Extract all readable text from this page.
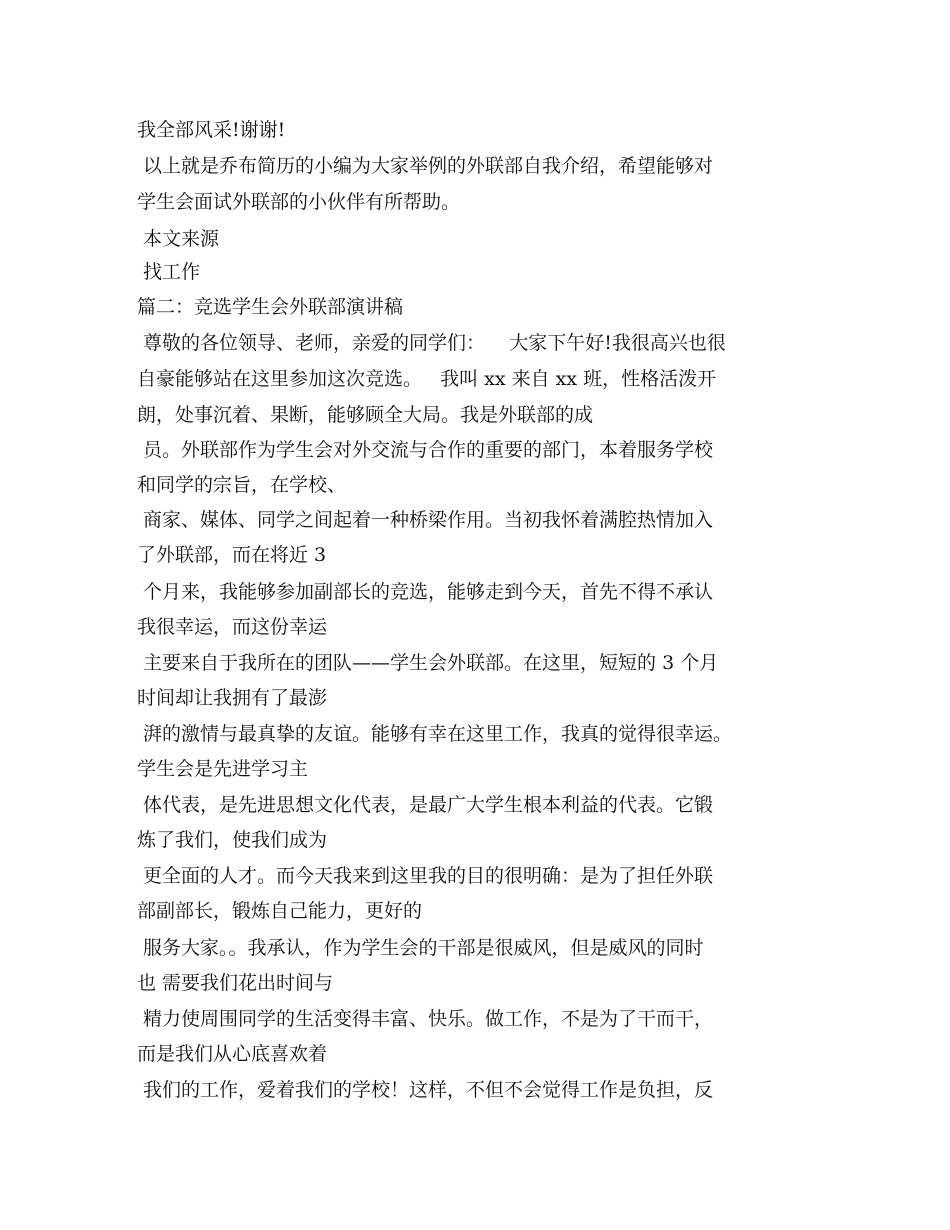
我全部风采!谢谢!
以上就是乔布简历的小编为大家举例的外联部自我介绍，希望能够对
学生会面试外联部的小伙伴有所帮助。
本文来源
找工作
篇二：竞选学生会外联部演讲稿
尊敬的各位领导、老师，亲爱的同学们：    大家下午好!我很高兴也很
自豪能够站在这里参加这次竞选。   我叫 xx 来自 xx 班，性格活泼开
朗，处事沉着、果断，能够顾全大局。我是外联部的成
员。外联部作为学生会对外交流与合作的重要的部门，本着服务学校
和同学的宗旨，在学校、
商家、媒体、同学之间起着一种桥梁作用。当初我怀着满腔热情加入
了外联部，而在将近 3
个月来，我能够参加副部长的竞选，能够走到今天，首先不得不承认
我很幸运，而这份幸运
主要来自于我所在的团队——学生会外联部。在这里，短短的 3 个月
时间却让我拥有了最澎
湃的激情与最真挚的友谊。能够有幸在这里工作，我真的觉得很幸运。
学生会是先进学习主
体代表，是先进思想文化代表，是最广大学生根本利益的代表。它锻
炼了我们，使我们成为
更全面的人才。而今天我来到这里我的目的很明确：是为了担任外联
部副部长，锻炼自己能力，更好的
服务大家。。我承认，作为学生会的干部是很威风，但是威风的同时
也 需要我们花出时间与
精力使周围同学的生活变得丰富、快乐。做工作，不是为了干而干，
而是我们从心底喜欢着
我们的工作，爱着我们的学校！这样，不但不会觉得工作是负担，反
